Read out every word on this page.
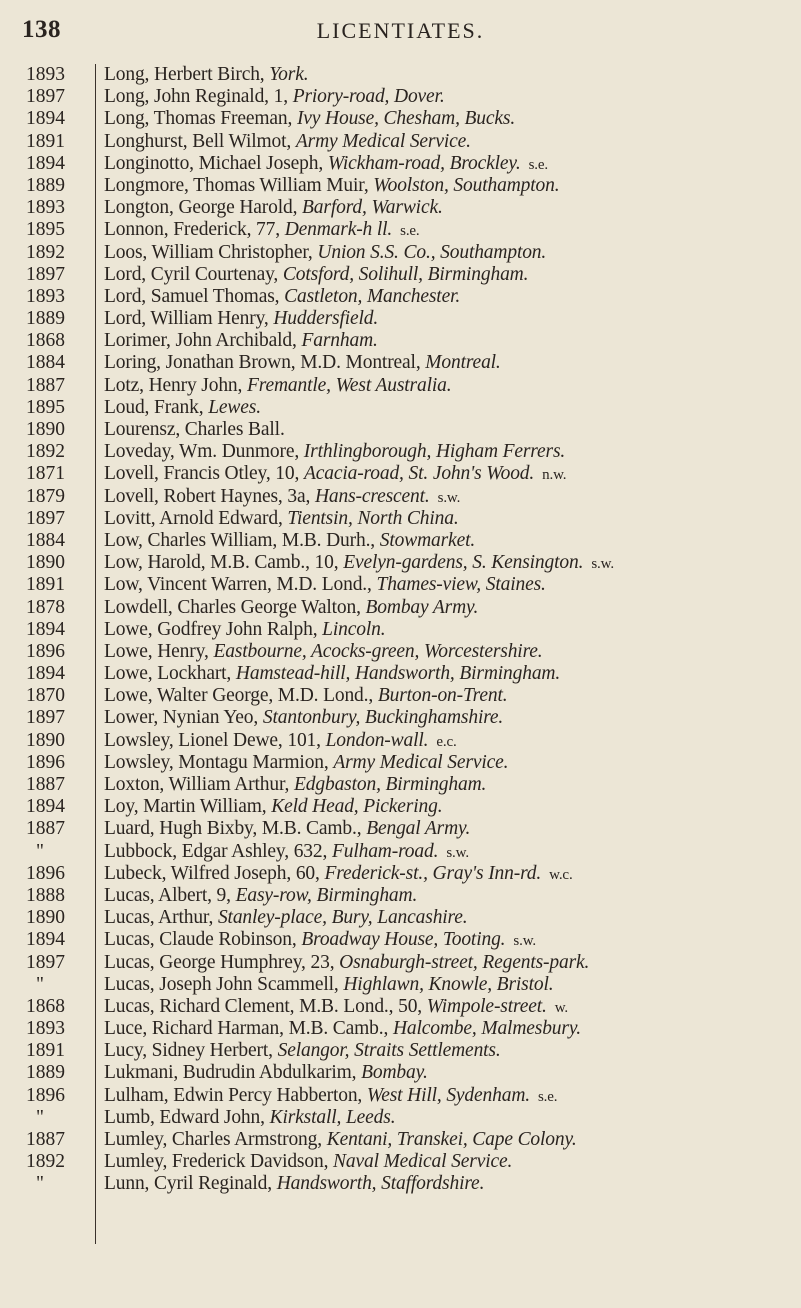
138	LICENTIATES.
1893	Long, Herbert Birch, York.
1897	Long, John Reginald, 1, Priory-road, Dover.
1894	Long, Thomas Freeman, Ivy House, Chesham, Bucks.
1891	Longhurst, Bell Wilmot, Army Medical Service.
1894	Longinotto, Michael Joseph, Wickham-road, Brockley. s.e.
1889	Longmore, Thomas William Muir, Woolston, Southampton.
1893	Longton, George Harold, Barford, Warwick.
1895	Lonnon, Frederick, 77, Denmark-h ll. s.e.
1892	Loos, William Christopher, Union S.S. Co., Southampton.
1897	Lord, Cyril Courtenay, Cotsford, Solihull, Birmingham.
1893	Lord, Samuel Thomas, Castleton, Manchester.
1889	Lord, William Henry, Huddersfield.
1868	Lorimer, John Archibald, Farnham.
1884	Loring, Jonathan Brown, M.D. Montreal, Montreal.
1887	Lotz, Henry John, Fremantle, West Australia.
1895	Loud, Frank, Lewes.
1890	Lourensz, Charles Ball.
1892	Loveday, Wm. Dunmore, Irthlingborough, Higham Ferrers.
1871	Lovell, Francis Otley, 10, Acacia-road, St. John's Wood. n.w.
1879	Lovell, Robert Haynes, 3a, Hans-crescent. s.w.
1897	Lovitt, Arnold Edward, Tientsin, North China.
1884	Low, Charles William, M.B. Durh., Stowmarket.
1890	Low, Harold, M.B. Camb., 10, Evelyn-gardens, S. Kensington. s.w.
1891	Low, Vincent Warren, M.D. Lond., Thames-view, Staines.
1878	Lowdell, Charles George Walton, Bombay Army.
1894	Lowe, Godfrey John Ralph, Lincoln.
1896	Lowe, Henry, Eastbourne, Acocks-green, Worcestershire.
1894	Lowe, Lockhart, Hamstead-hill, Handsworth, Birmingham.
1870	Lowe, Walter George, M.D. Lond., Burton-on-Trent.
1897	Lower, Nynian Yeo, Stantonbury, Buckinghamshire.
1890	Lowsley, Lionel Dewe, 101, London-wall. e.c.
1896	Lowsley, Montagu Marmion, Army Medical Service.
1887	Loxton, William Arthur, Edgbaston, Birmingham.
1894	Loy, Martin William, Keld Head, Pickering.
1887	Luard, Hugh Bixby, M.B. Camb., Bengal Army.
"	Lubbock, Edgar Ashley, 632, Fulham-road. s.w.
1896	Lubeck, Wilfred Joseph, 60, Frederick-st., Gray's Inn-rd. w.c.
1888	Lucas, Albert, 9, Easy-row, Birmingham.
1890	Lucas, Arthur, Stanley-place, Bury, Lancashire.
1894	Lucas, Claude Robinson, Broadway House, Tooting. s.w.
1897	Lucas, George Humphrey, 23, Osnaburgh-street, Regents-park.
"	Lucas, Joseph John Scammell, Highlawn, Knowle, Bristol.
1868	Lucas, Richard Clement, M.B. Lond., 50, Wimpole-street. w.
1893	Luce, Richard Harman, M.B. Camb., Halcombe, Malmesbury.
1891	Lucy, Sidney Herbert, Selangor, Straits Settlements.
1889	Lukmani, Budrudin Abdulkarim, Bombay.
1896	Lulham, Edwin Percy Habberton, West Hill, Sydenham. s.e.
"	Lumb, Edward John, Kirkstall, Leeds.
1887	Lumley, Charles Armstrong, Kentani, Transkei, Cape Colony.
1892	Lumley, Frederick Davidson, Naval Medical Service.
"	Lunn, Cyril Reginald, Handsworth, Staffordshire.
